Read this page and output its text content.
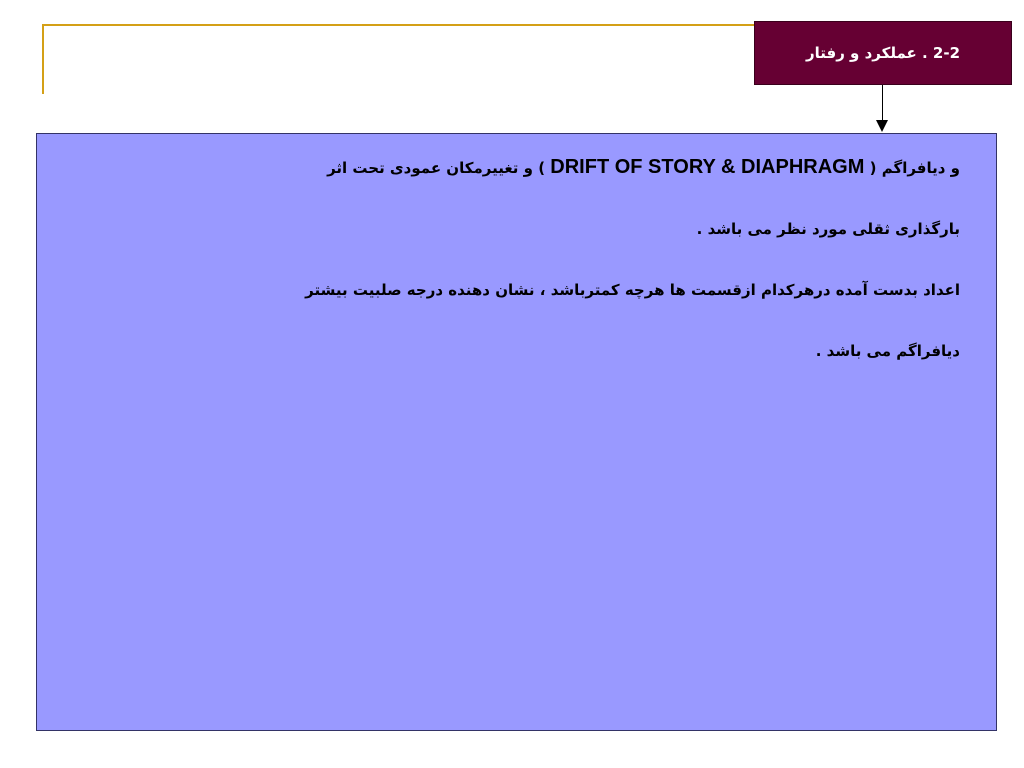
2-2 . عملکرد و رفتار

و دیافراگم ( DRIFT OF STORY & DIAPHRAGM ) و تغییرمکان عمودی تحت اثر

بارگذاری ثقلی مورد نظر می باشد .

اعداد بدست آمده درهرکدام ازقسمت ها هرچه کمترباشد ، نشان دهنده درجه صلبیت بیشتر

دیافراگم می باشد .
